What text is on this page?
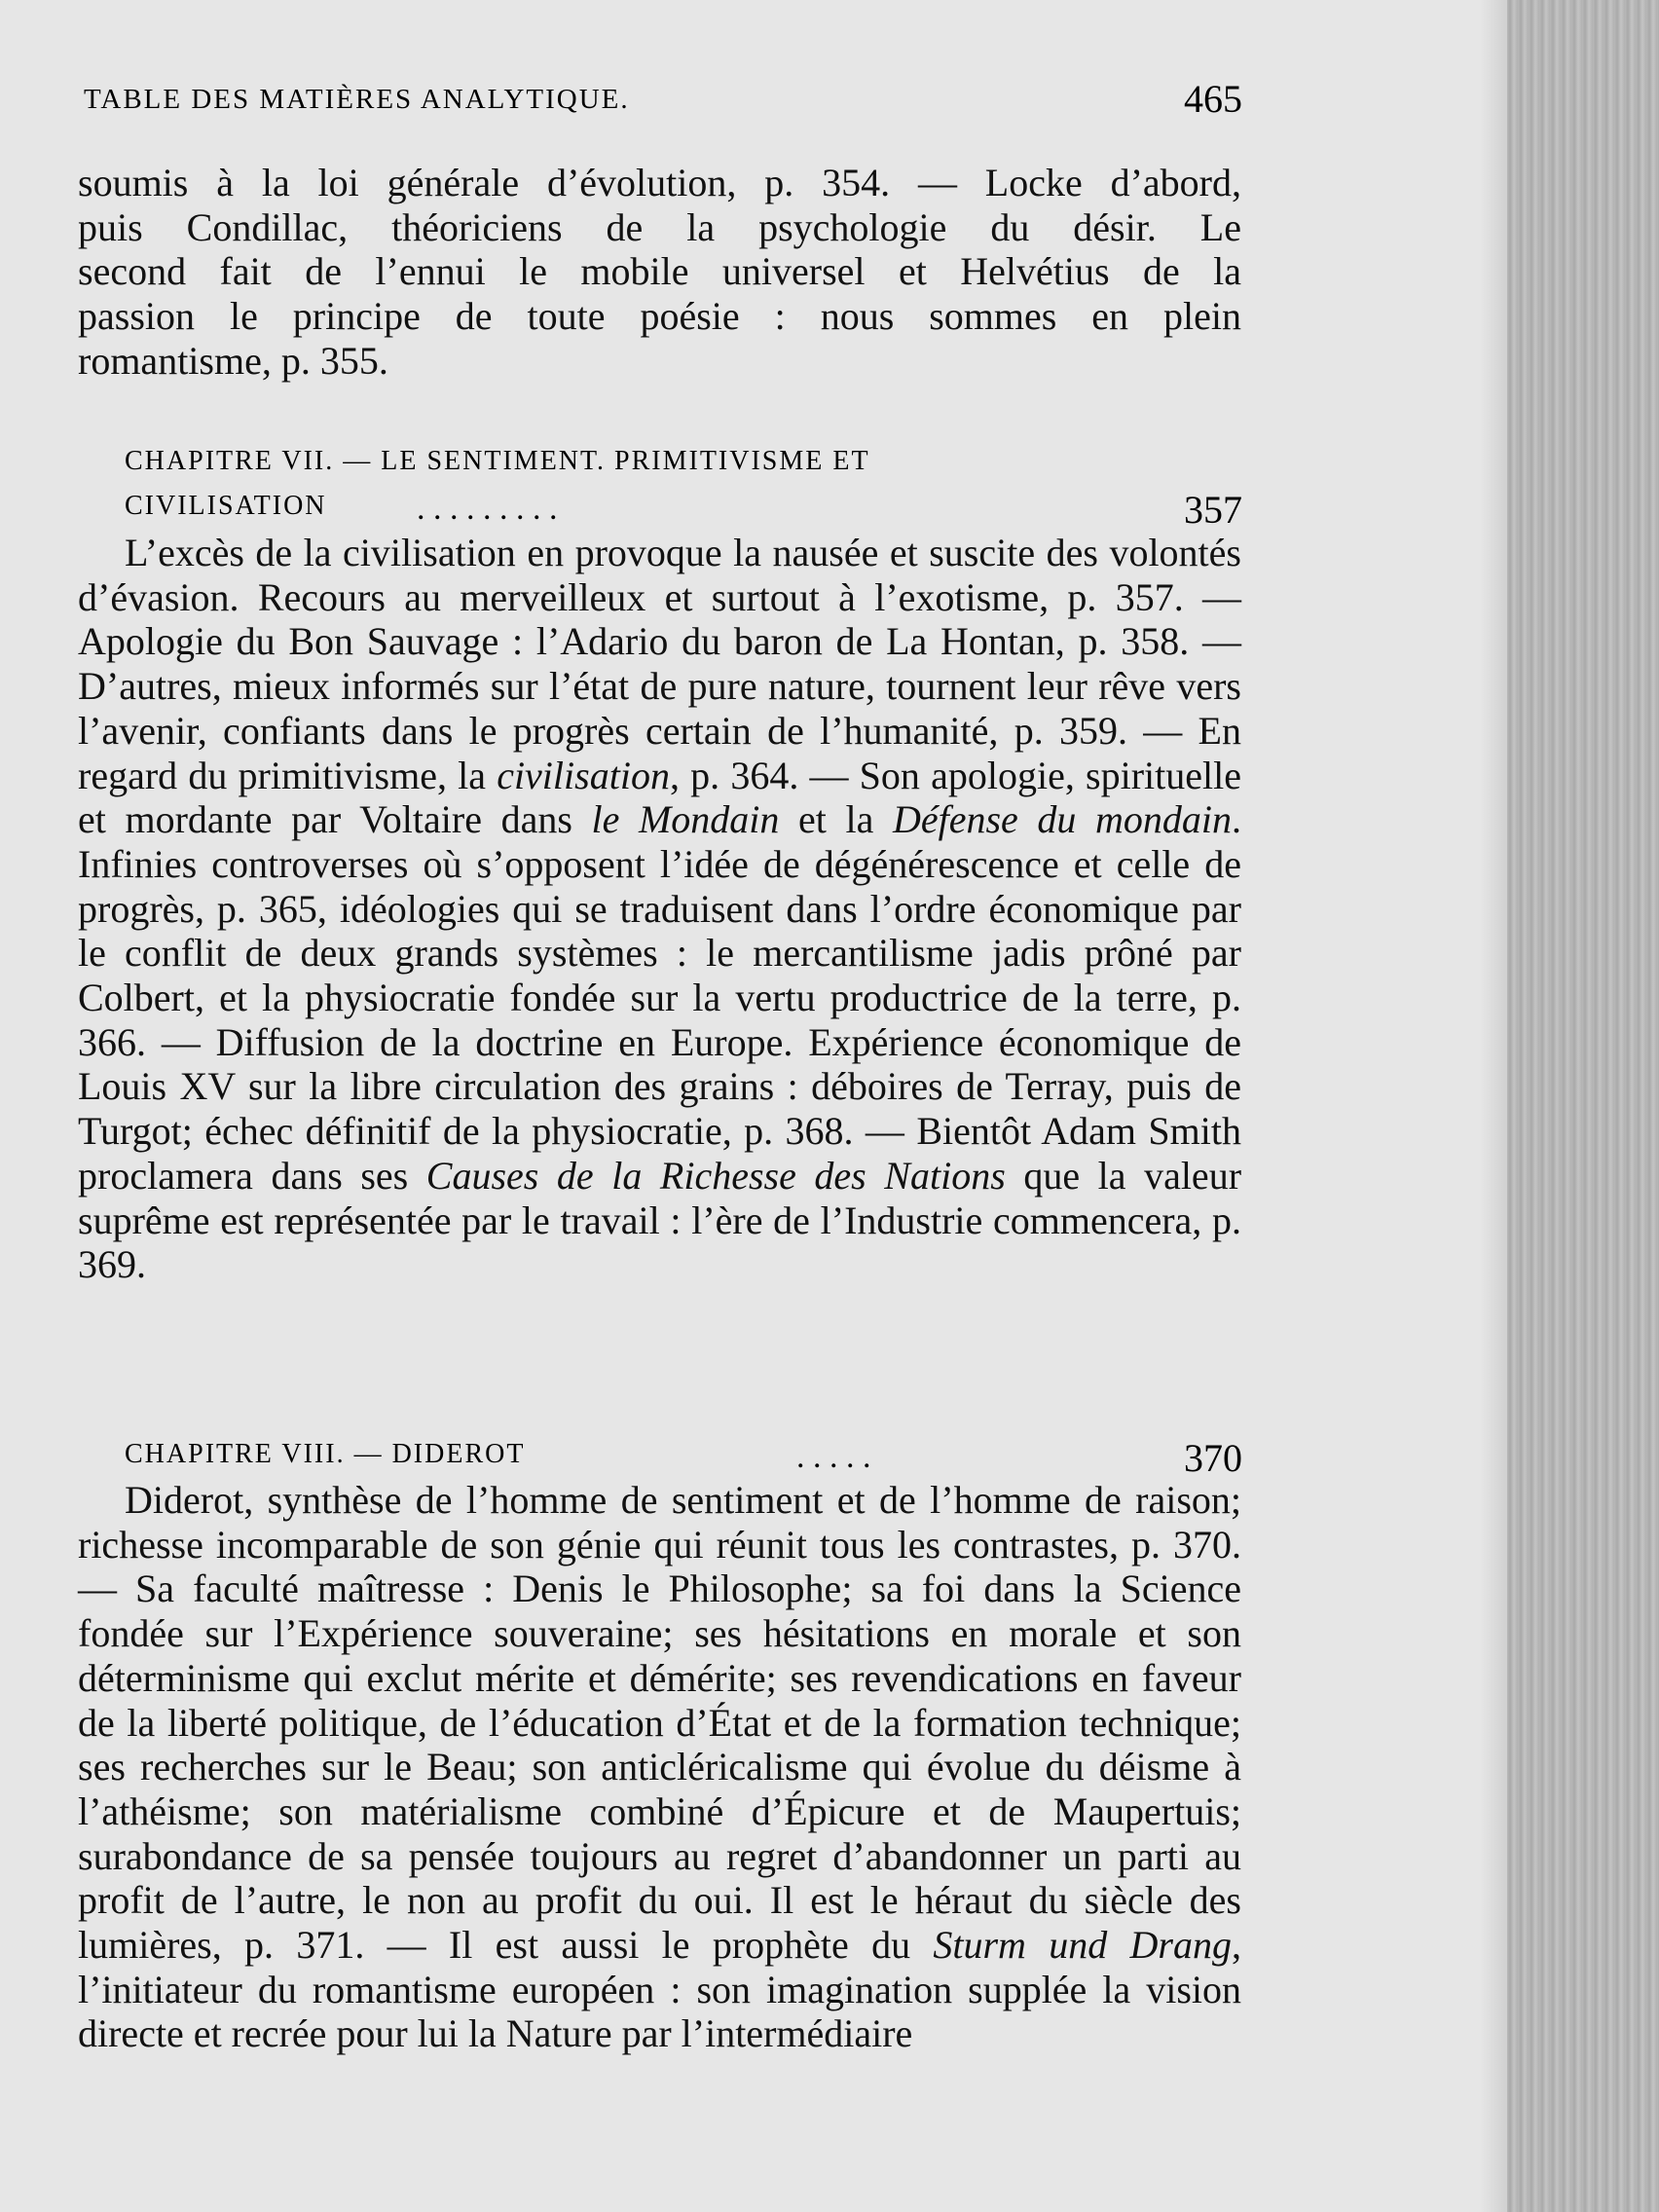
TABLE DES MATIÈRES ANALYTIQUE.	465
soumis à la loi générale d’évolution, p. 354. — Locke d’abord,
puis Condillac, théoriciens de la psychologie du désir. Le
second fait de l’ennui le mobile universel et Helvétius de la
passion le principe de toute poésie : nous sommes en plein
romantisme, p. 355.
CHAPITRE VII. — LE SENTIMENT. PRIMITIVISME ET
CIVILISATION	. . . . . . . . .	357

L’excès de la civilisation en provoque la nausée et suscite des volontés d’évasion. Recours au merveilleux et surtout à l’exotisme, p. 357. — Apologie du Bon Sauvage : l’Adario du baron de La Hontan, p. 358. — D’autres, mieux informés sur l’état de pure nature, tournent leur rêve vers l’avenir, confiants dans le progrès certain de l’humanité, p. 359. — En regard du primitivisme, la civilisation, p. 364. — Son apologie, spirituelle et mordante par Voltaire dans le Mondain et la Défense du mondain. Infinies controverses où s’opposent l’idée de dégénérescence et celle de progrès, p. 365, idéologies qui se traduisent dans l’ordre économique par le conflit de deux grands systèmes : le mercantilisme jadis prôné par Colbert, et la physiocratie fondée sur la vertu productrice de la terre, p. 366. — Diffusion de la doctrine en Europe. Expérience économique de Louis XV sur la libre circulation des grains : déboires de Terray, puis de Turgot; échec définitif de la physiocratie, p. 368. — Bientôt Adam Smith proclamera dans ses Causes de la Richesse des Nations que la valeur suprême est représentée par le travail : l’ère de l’Industrie commencera, p. 369.

CHAPITRE VIII. — DIDEROT	. . . . .	370

Diderot, synthèse de l’homme de sentiment et de l’homme de raison; richesse incomparable de son génie qui réunit tous les contrastes, p. 370. — Sa faculté maîtresse : Denis le Philosophe; sa foi dans la Science fondée sur l’Expérience souveraine; ses hésitations en morale et son déterminisme qui exclut mérite et démérite; ses revendications en faveur de la liberté politique, de l’éducation d’État et de la formation technique; ses recherches sur le Beau; son anticléricalisme qui évolue du déisme à l’athéisme; son matérialisme combiné d’Épicure et de Maupertuis; surabondance de sa pensée toujours au regret d’abandonner un parti au profit de l’autre, le non au profit du oui. Il est le héraut du siècle des lumières, p. 371. — Il est aussi le prophète du Sturm und Drang, l’initiateur du romantisme européen : son imagination supplée la vision directe et recrée pour lui la Nature par l’intermédiaire
